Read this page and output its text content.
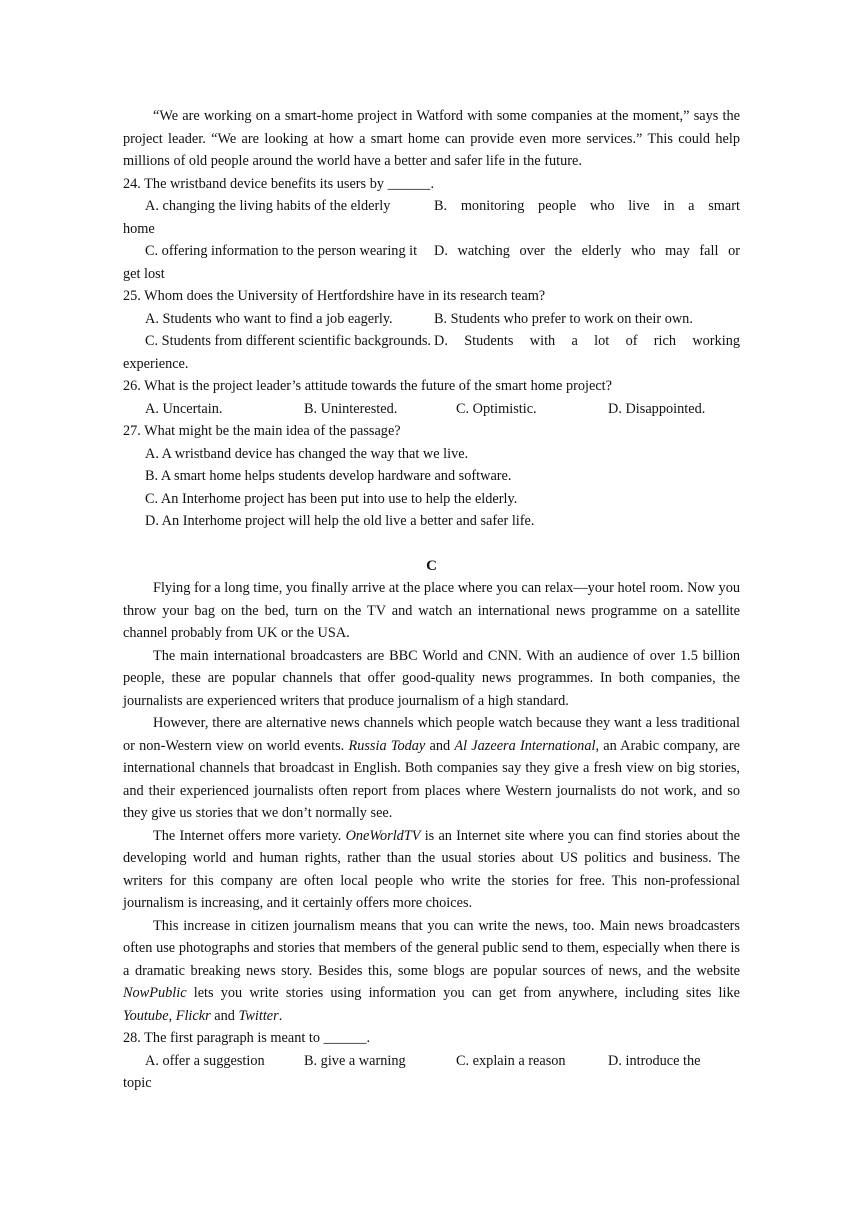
“We are working on a smart-home project in Watford with some companies at the moment,” says the project leader. “We are looking at how a smart home can provide even more services.” This could help millions of old people around the world have a better and safer life in the future.

24. The wristband device benefits its users by ______.

A. changing the living habits of the elderly	B. monitoring people who live in a smart

home

C. offering information to the person wearing it	D. watching over the elderly who may fall or

get lost

25. Whom does the University of Hertfordshire have in its research team?

A. Students who want to find a job eagerly.	B. Students who prefer to work on their own.
C. Students from different scientific backgrounds. D. Students with a lot of rich working

experience.

26. What is the project leader’s attitude towards the future of the smart home project?

A. Uncertain.	B. Uninterested.	C. Optimistic.	D. Disappointed.

27. What might be the main idea of the passage?

A. A wristband device has changed the way that we live.

B. A smart home helps students develop hardware and software.

C. An Interhome project has been put into use to help the elderly.

D. An Interhome project will help the old live a better and safer life.

C

Flying for a long time, you finally arrive at the place where you can relax—your hotel room. Now you throw your bag on the bed, turn on the TV and watch an international news programme on a satellite channel probably from UK or the USA.

The main international broadcasters are BBC World and CNN. With an audience of over 1.5 billion people, these are popular channels that offer good-quality news programmes. In both companies, the journalists are experienced writers that produce journalism of a high standard.

However, there are alternative news channels which people watch because they want a less traditional or non-Western view on world events. Russia Today and Al Jazeera International, an Arabic company, are international channels that broadcast in English. Both companies say they give a fresh view on big stories, and their experienced journalists often report from places where Western journalists do not work, and so they give us stories that we don’t normally see.

The Internet offers more variety. OneWorldTV is an Internet site where you can find stories about the developing world and human rights, rather than the usual stories about US politics and business. The writers for this company are often local people who write the stories for free. This non-professional journalism is increasing, and it certainly offers more choices.

This increase in citizen journalism means that you can write the news, too. Main news broadcasters often use photographs and stories that members of the general public send to them, especially when there is a dramatic breaking news story. Besides this, some blogs are popular sources of news, and the website NowPublic lets you write stories using information you can get from anywhere, including sites like Youtube, Flickr and Twitter.

28. The first paragraph is meant to ______.

A. offer a suggestion	B. give a warning	C. explain a reason	D. introduce the

topic
